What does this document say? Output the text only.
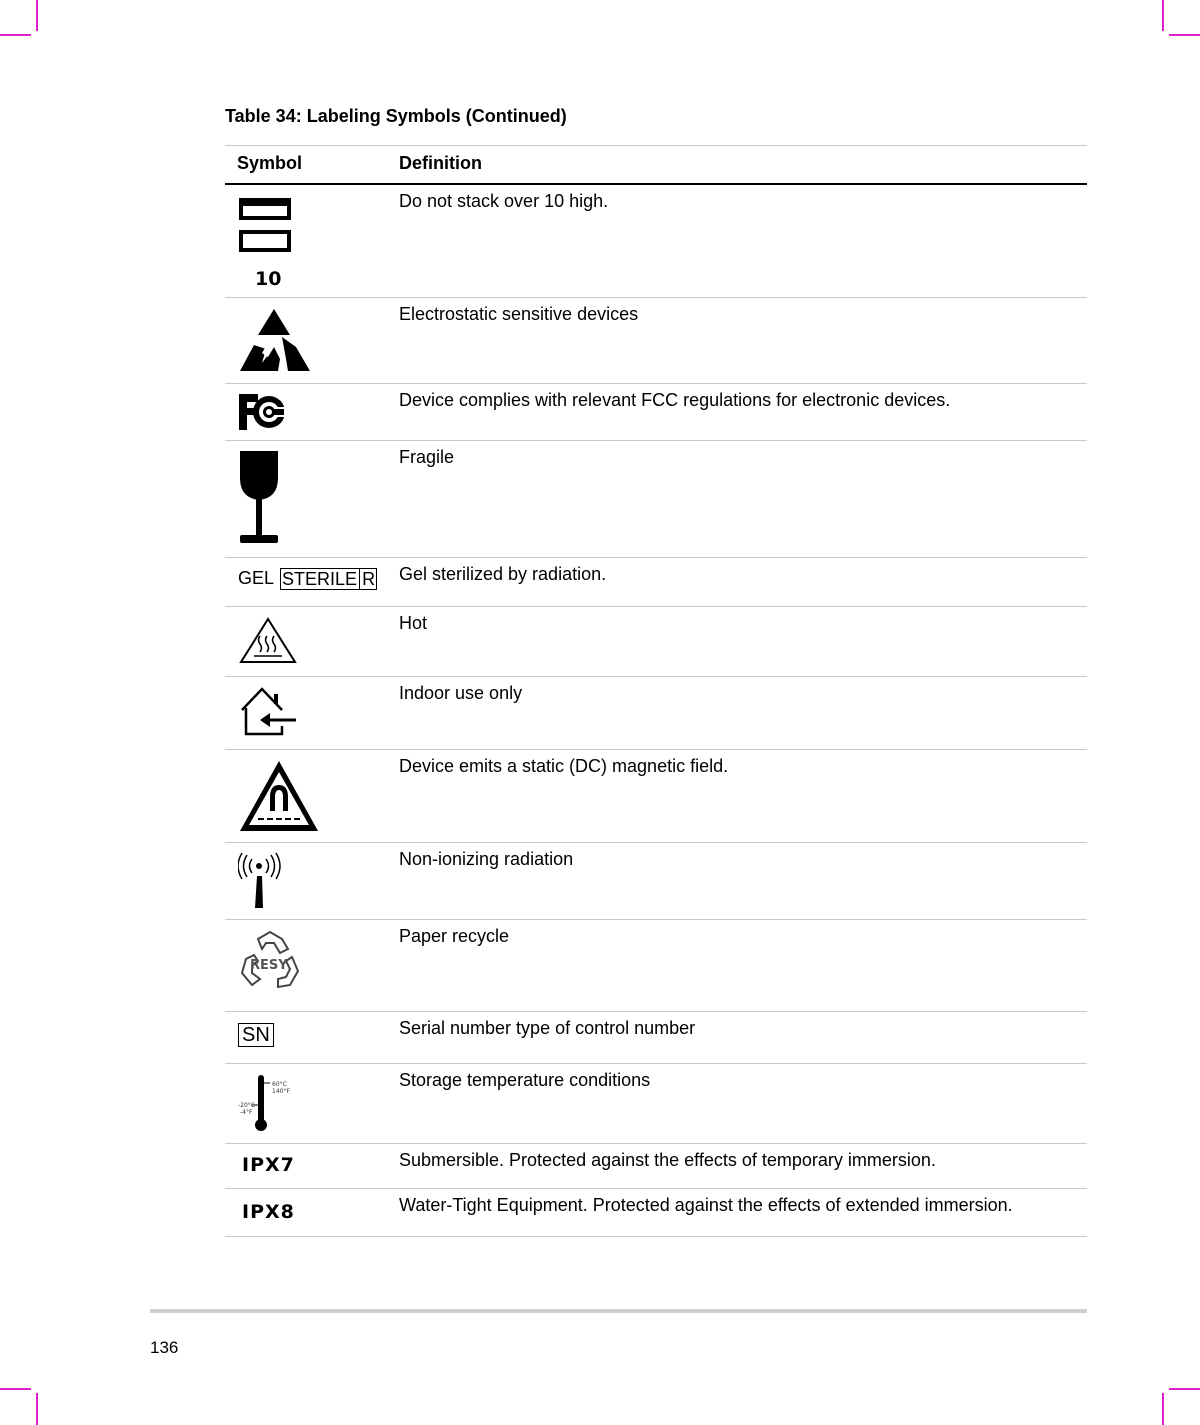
Table 34: Labeling Symbols (Continued)
Symbol	Definition

10	Do not stack over 10 high.

	Electrostatic sensitive devices

	Device complies with relevant FCC regulations for electronic devices.

	Fragile

GEL STERILE R	Gel sterilized by radiation.

	Hot

	Indoor use only

	Device emits a static (DC) magnetic field.

	Non-ionizing radiation

RESY	Paper recycle
SN	Serial number type of control number

60°C
140°F
-20°C
-4°F	Storage temperature conditions
IPX7	Submersible. Protected against the effects of temporary immersion.
IPX8	Water-Tight Equipment. Protected against the effects of extended immersion.
136
